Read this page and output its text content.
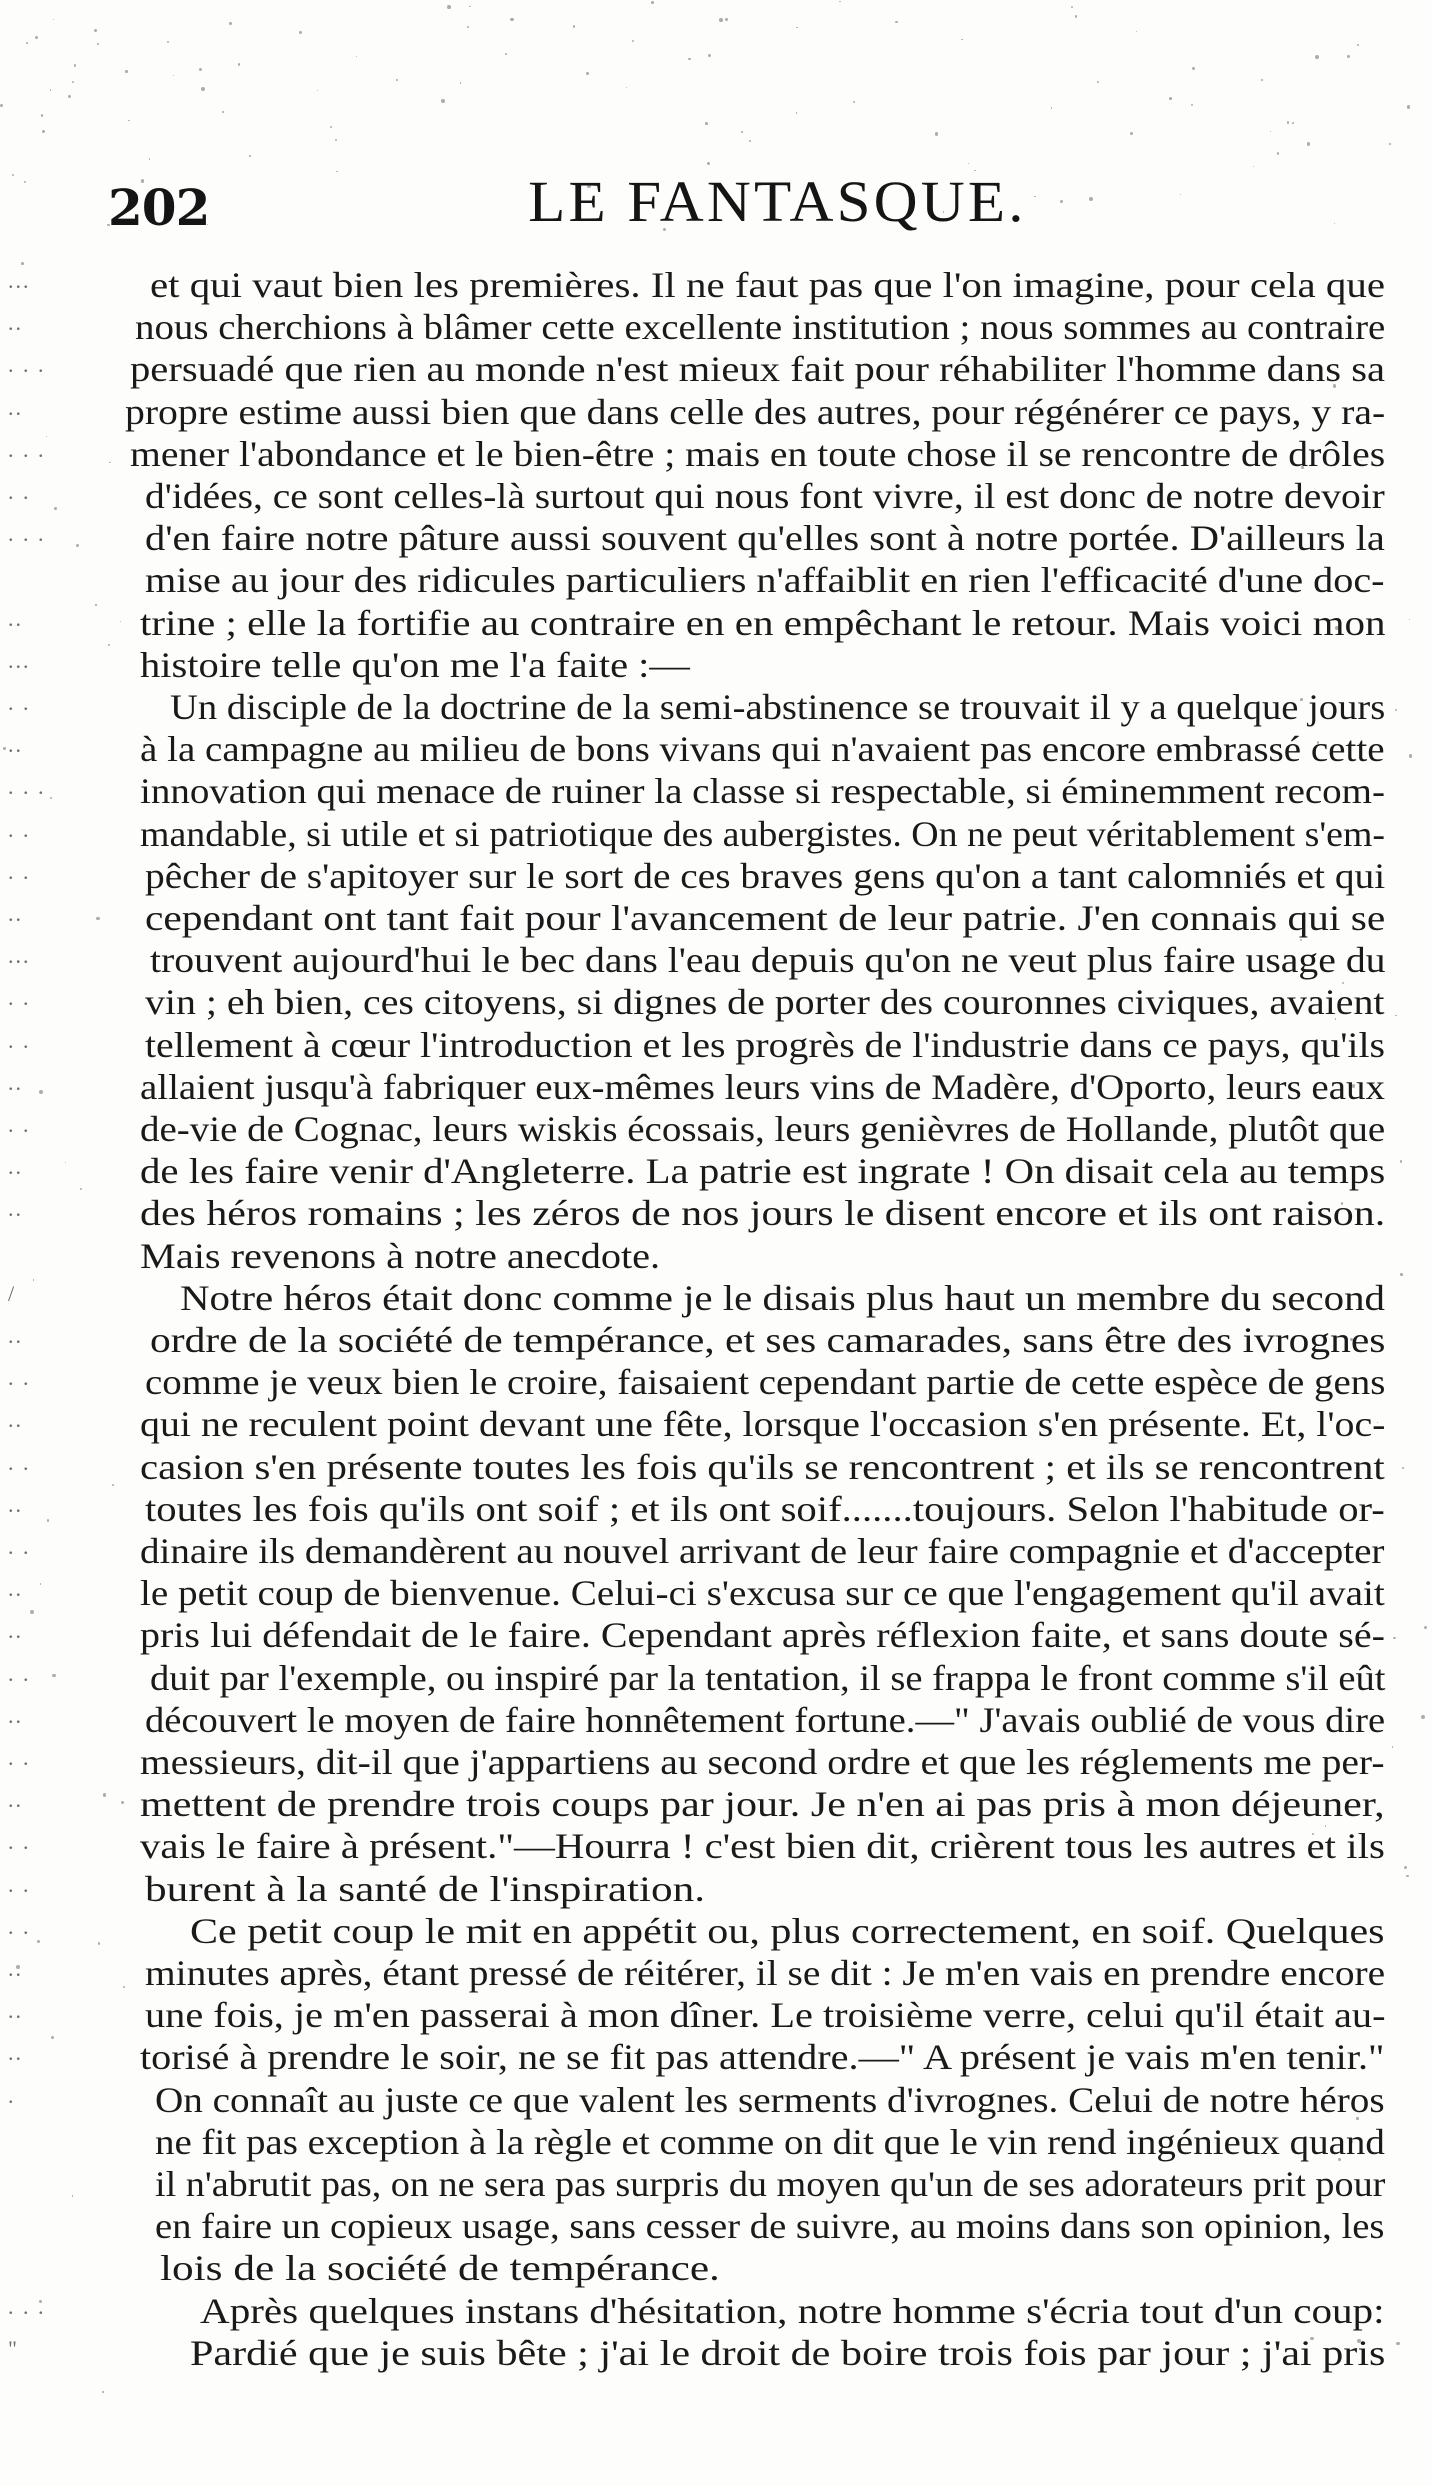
202	LE FANTASQUE.
...	et qui vaut bien les premières. Il ne faut pas que l'on imagine, pour cela que
..	nous cherchions à blâmer cette excellente institution ; nous sommes au contraire
. . .	persuadé que rien au monde n'est mieux fait pour réhabiliter l'homme dans sa
..	propre estime aussi bien que dans celle des autres, pour régénérer ce pays, y ra-
. . .	mener l'abondance et le bien-être ; mais en toute chose il se rencontre de drôles
. .	d'idées, ce sont celles-là surtout qui nous font vivre, il est donc de notre devoir
. . .	d'en faire notre pâture aussi souvent qu'elles sont à notre portée. D'ailleurs la
mise au jour des ridicules particuliers n'affaiblit en rien l'efficacité d'une doc-
..	trine ; elle la fortifie au contraire en en empêchant le retour. Mais voici mon
...	histoire telle qu'on me l'a faite :—
. .	Un disciple de la doctrine de la semi-abstinence se trouvait il y a quelque jours
..	à la campagne au milieu de bons vivans qui n'avaient pas encore embrassé cette
. . .	innovation qui menace de ruiner la classe si respectable, si éminemment recom-
. .	mandable, si utile et si patriotique des aubergistes. On ne peut véritablement s'em-
. .	pêcher de s'apitoyer sur le sort de ces braves gens qu'on a tant calomniés et qui
..	cependant ont tant fait pour l'avancement de leur patrie. J'en connais qui se
...	trouvent aujourd'hui le bec dans l'eau depuis qu'on ne veut plus faire usage du
. .	vin ; eh bien, ces citoyens, si dignes de porter des couronnes civiques, avaient
. .	tellement à cœur l'introduction et les progrès de l'industrie dans ce pays, qu'ils
..	allaient jusqu'à fabriquer eux-mêmes leurs vins de Madère, d'Oporto, leurs eaux
. .	de-vie de Cognac, leurs wiskis écossais, leurs genièvres de Hollande, plutôt que
..	de les faire venir d'Angleterre. La patrie est ingrate ! On disait cela au temps
..	des héros romains ; les zéros de nos jours le disent encore et ils ont raison.
Mais revenons à notre anecdote.
/	Notre héros était donc comme je le disais plus haut un membre du second
..	ordre de la société de tempérance, et ses camarades, sans être des ivrognes
. .	comme je veux bien le croire, faisaient cependant partie de cette espèce de gens
..	qui ne reculent point devant une fête, lorsque l'occasion s'en présente. Et, l'oc-
. .	casion s'en présente toutes les fois qu'ils se rencontrent ; et ils se rencontrent
..	toutes les fois qu'ils ont soif ; et ils ont soif.......toujours. Selon l'habitude or-
. .	dinaire ils demandèrent au nouvel arrivant de leur faire compagnie et d'accepter
..	le petit coup de bienvenue. Celui-ci s'excusa sur ce que l'engagement qu'il avait
..	pris lui défendait de le faire. Cependant après réflexion faite, et sans doute sé-
. .	duit par l'exemple, ou inspiré par la tentation, il se frappa le front comme s'il eût
..	découvert le moyen de faire honnêtement fortune.—" J'avais oublié de vous dire
. .	messieurs, dit-il que j'appartiens au second ordre et que les réglements me per-
..	mettent de prendre trois coups par jour. Je n'en ai pas pris à mon déjeuner,
. .	vais le faire à présent."—Hourra ! c'est bien dit, crièrent tous les autres et ils
. .	burent à la santé de l'inspiration.
. .	Ce petit coup le mit en appétit ou, plus correctement, en soif. Quelques
..	minutes après, étant pressé de réitérer, il se dit : Je m'en vais en prendre encore
..	une fois, je m'en passerai à mon dîner. Le troisième verre, celui qu'il était au-
..	torisé à prendre le soir, ne se fit pas attendre.—" A présent je vais m'en tenir."
.	On connaît au juste ce que valent les serments d'ivrognes. Celui de notre héros
ne fit pas exception à la règle et comme on dit que le vin rend ingénieux quand
il n'abrutit pas, on ne sera pas surpris du moyen qu'un de ses adorateurs prit pour
en faire un copieux usage, sans cesser de suivre, au moins dans son opinion, les
lois de la société de tempérance.
. . .	Après quelques instans d'hésitation, notre homme s'écria tout d'un coup:
"	Pardié que je suis bête ; j'ai le droit de boire trois fois par jour ; j'ai pris
